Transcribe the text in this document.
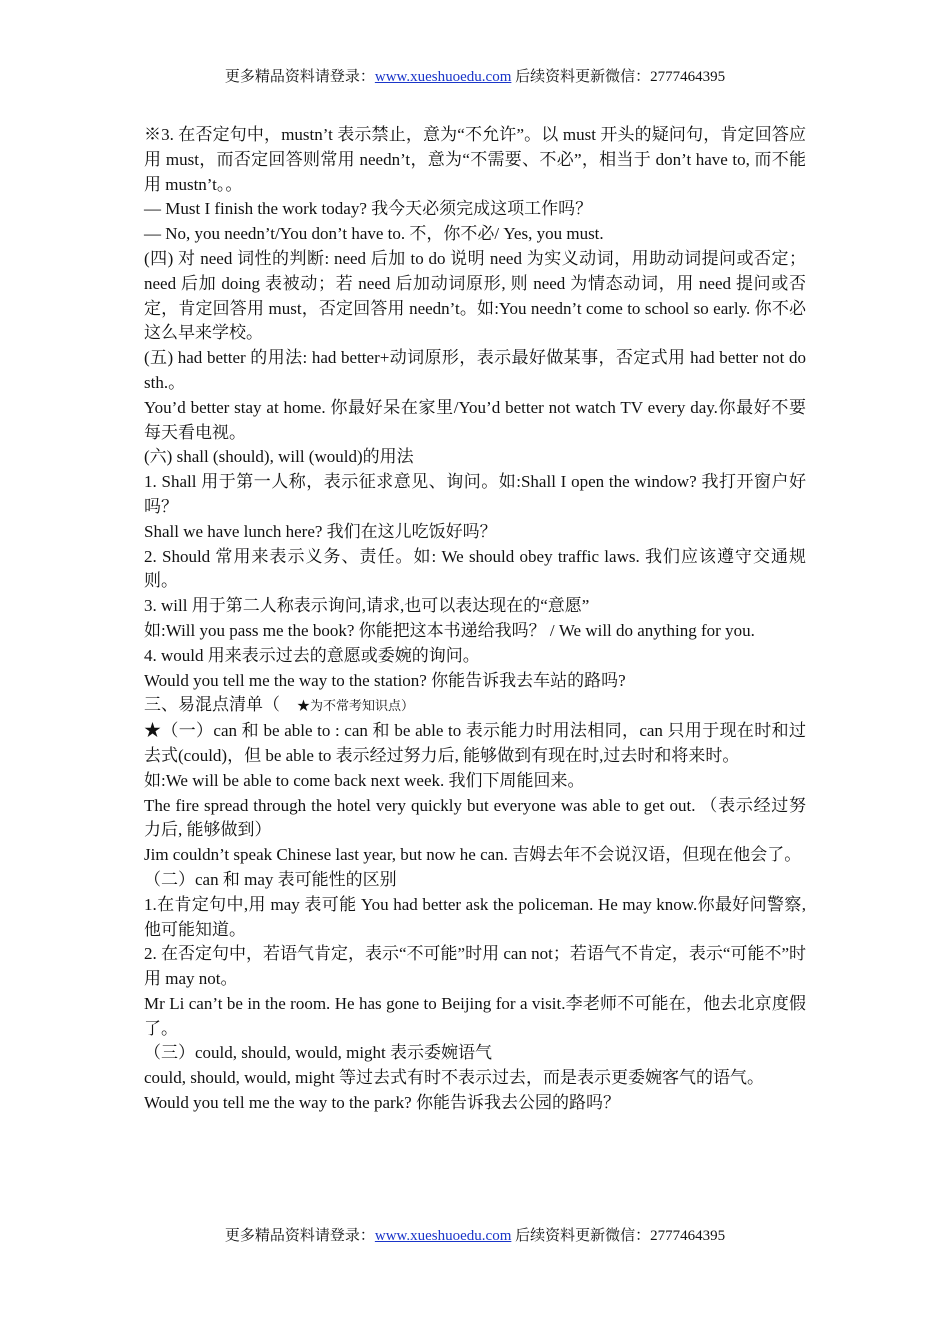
更多精品资料请登录：www.xueshuoedu.com 后续资料更新微信：2777464395

※3. 在否定句中，mustn’t 表示禁止，意为“不允许”。以 must 开头的疑问句，肯定回答应用 must，而否定回答则常用 needn’t，意为“不需要、不必”，相当于 don’t have to, 而不能用 mustn’t。。

— Must I finish the work today? 我今天必须完成这项工作吗？

— No, you needn’t/You don’t have to. 不，你不必/ Yes, you must.

(四) 对 need 词性的判断: need 后加 to do 说明 need 为实义动词，用助动词提问或否定；need 后加 doing 表被动；若 need 后加动词原形, 则 need 为情态动词，用 need 提问或否定，肯定回答用 must，否定回答用 needn’t。如:You needn’t come to school so early. 你不必这么早来学校。

(五) had better 的用法: had better+动词原形，表示最好做某事，否定式用 had better not do sth.。

You’d better stay at home. 你最好呆在家里/You’d better not watch TV every day.你最好不要每天看电视。

(六) shall (should), will (would)的用法

1. Shall 用于第一人称，表示征求意见、询问。如:Shall I open the window? 我打开窗户好吗？

Shall we have lunch here? 我们在这儿吃饭好吗？

2. Should 常用来表示义务、责任。如: We should obey traffic laws. 我们应该遵守交通规则。

3. will 用于第二人称表示询问,请求,也可以表达现在的“意愿”

如:Will you pass me the book? 你能把这本书递给我吗？ / We will do anything for you.

4. would 用来表示过去的意愿或委婉的询问。

Would you tell me the way to the station? 你能告诉我去车站的路吗?

三、易混点清单（ ★为不常考知识点）

★（一）can 和 be able to : can 和 be able to 表示能力时用法相同，can 只用于现在时和过去式(could)，但 be able to 表示经过努力后, 能够做到有现在时,过去时和将来时。

如:We will be able to come back next week. 我们下周能回来。

The fire spread through the hotel very quickly but everyone was able to get out. （表示经过努力后, 能够做到）

Jim couldn’t speak Chinese last year, but now he can. 吉姆去年不会说汉语，但现在他会了。

（二）can 和 may 表可能性的区别

1.在肯定句中,用 may 表可能 You had better ask the policeman. He may know.你最好问警察,他可能知道。

2. 在否定句中，若语气肯定，表示“不可能”时用 can not；若语气不肯定，表示“可能不”时用 may not。

Mr Li can’t be in the room. He has gone to Beijing for a visit.李老师不可能在，他去北京度假了。

（三）could, should, would, might 表示委婉语气

could, should, would, might 等过去式有时不表示过去，而是表示更委婉客气的语气。

Would you tell me the way to the park? 你能告诉我去公园的路吗？

更多精品资料请登录：www.xueshuoedu.com 后续资料更新微信：2777464395
